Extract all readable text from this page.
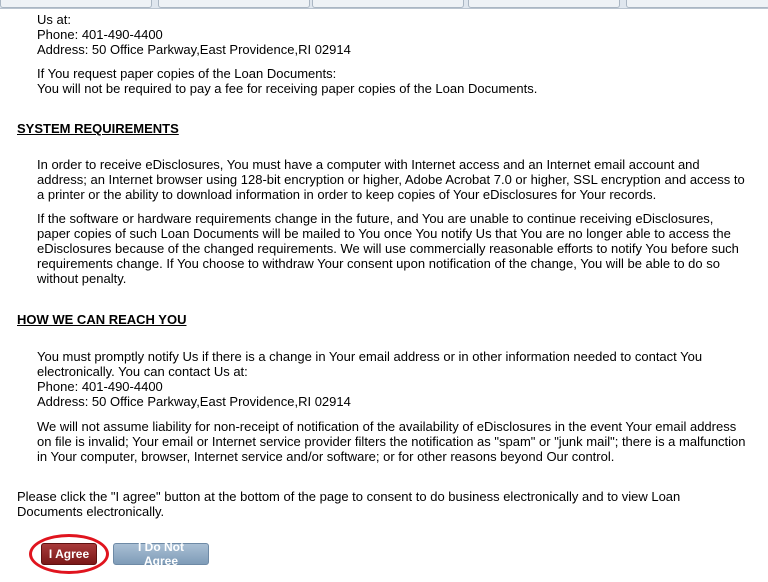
Us at:
Phone: 401-490-4400
Address: 50 Office Parkway,East Providence,RI 02914
If You request paper copies of the Loan Documents:
You will not be required to pay a fee for receiving paper copies of the Loan Documents.
SYSTEM REQUIREMENTS
In order to receive eDisclosures, You must have a computer with Internet access and an Internet email account and
address; an Internet browser using 128-bit encryption or higher, Adobe Acrobat 7.0 or higher, SSL encryption and access to
a printer or the ability to download information in order to keep copies of Your eDisclosures for Your records.
If the software or hardware requirements change in the future, and You are unable to continue receiving eDisclosures,
paper copies of such Loan Documents will be mailed to You once You notify Us that You are no longer able to access the
eDisclosures because of the changed requirements. We will use commercially reasonable efforts to notify You before such
requirements change. If You choose to withdraw Your consent upon notification of the change, You will be able to do so
without penalty.
HOW WE CAN REACH YOU
You must promptly notify Us if there is a change in Your email address or in other information needed to contact You
electronically. You can contact Us at:
Phone: 401-490-4400
Address: 50 Office Parkway,East Providence,RI 02914
We will not assume liability for non-receipt of notification of the availability of eDisclosures in the event Your email address
on file is invalid; Your email or Internet service provider filters the notification as "spam" or "junk mail"; there is a malfunction
in Your computer, browser, Internet service and/or software; or for other reasons beyond Our control.
Please click the "I agree" button at the bottom of the page to consent to do business electronically and to view Loan
Documents electronically.
I Agree	I Do Not Agree
